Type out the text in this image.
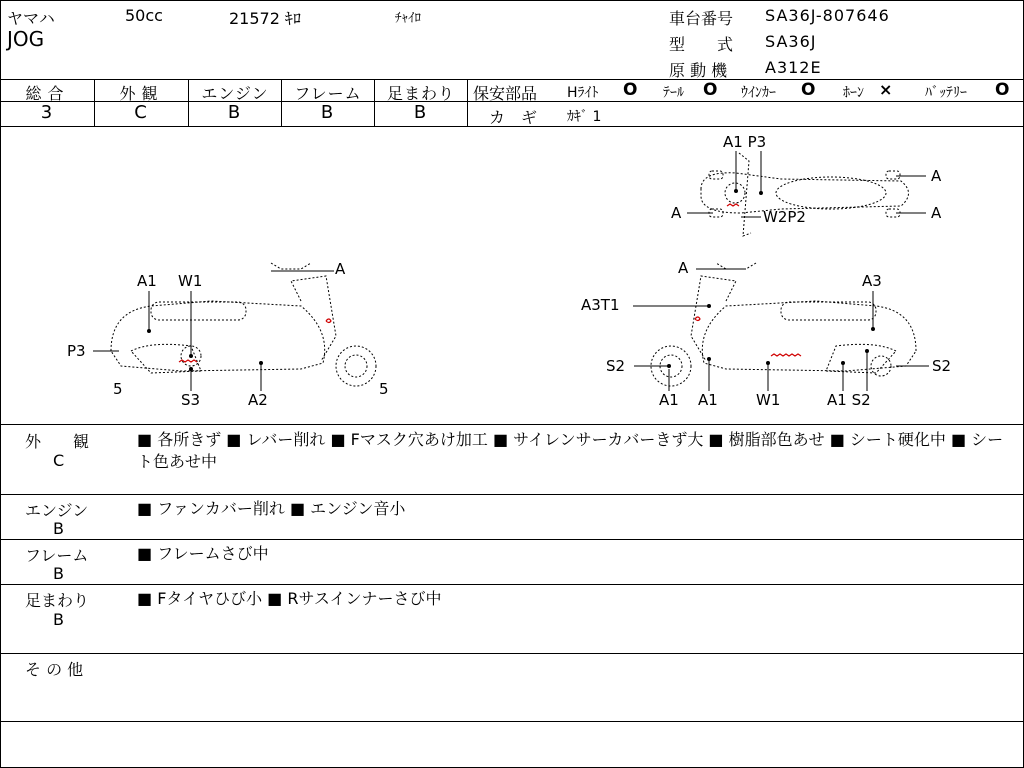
ヤマハ	50cc	21572 ｷﾛ	ﾁｬｲﾛ
JOG
車台番号 SA36J-807646
型　　式 SA36J
原 動 機 A312E
総合	外観	エンジン	フレーム	足まわり
3	C	B	B	B
保安部品 Hﾗｲﾄ O ﾃｰﾙ O ｳｲﾝｶｰ O ﾎｰﾝ × ﾊﾞｯﾃﾘｰ O
カ　ギ ｶｷﾞ 1
A1 W1
A
P3
5
S3	A2
5
A1 P3
A
A	W2P2	A
A
A3
A3T1
S2	S2
A1 A1	W1	A1 S2
外　　観
C
■ 各所きず ■ レバー削れ ■ Fマスク穴あけ加工 ■ サイレンサーカバーきず大 ■ 樹脂部色あせ ■ シート硬化中 ■ シート色あせ中
エンジン
B
■ ファンカバー削れ ■ エンジン音小
フレーム
B
■ フレームさび中
足まわり
B
■ Fタイヤひび小 ■ Rサスインナーさび中
そ の 他
